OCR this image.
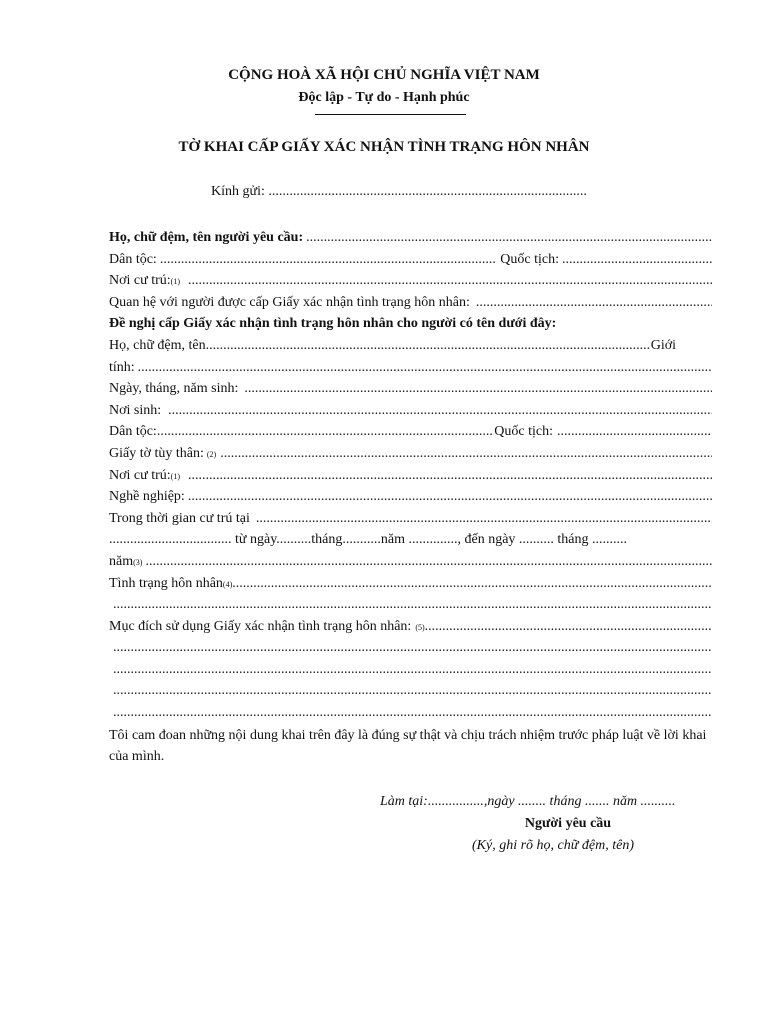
CỘNG HOÀ XÃ HỘI CHỦ NGHĨA VIỆT NAM
Độc lập - Tự do - Hạnh phúc
TỜ KHAI CẤP GIẤY XÁC NHẬN TÌNH TRẠNG HÔN NHÂN
Kính gửi: ...........................................................................................
Họ, chữ đệm, tên người yêu cầu:
.....
Dân tộc: .....	Quốc tịch:
.....
Nơi cư trú: (1)
.....
Quan hệ với người được cấp Giấy xác nhận tình trạng hôn nhân:
.....
Đề nghị cấp Giấy xác nhận tình trạng hôn nhân cho người có tên dưới đây:
Họ, chữ đệm, tên .....	Giới
tính:
.....
Ngày, tháng, năm sinh:
.....
Nơi sinh:
.....
Dân tộc: .....	Quốc tịch:
.....
Giấy tờ tùy thân: (2)
.....
Nơi cư trú: (1)
.....
Nghề nghiệp:
.....
Trong thời gian cư trú tại
.....
................................... từ ngày..........tháng...........năm .............., đến ngày .......... tháng ..........
năm (3)
.....
Tình trạng hôn nhân (4)
.....
.....
Mục đích sử dụng Giấy xác nhận tình trạng hôn nhân: (5)
.....
.....
.....
.....
.....
Tôi cam đoan những nội dung khai trên đây là đúng sự thật và chịu trách nhiệm trước pháp luật về lời khai của mình.
Làm tại:................,ngày ........ tháng ....... năm ..........
Người yêu cầu
(Ký, ghi rõ họ, chữ đệm, tên)
